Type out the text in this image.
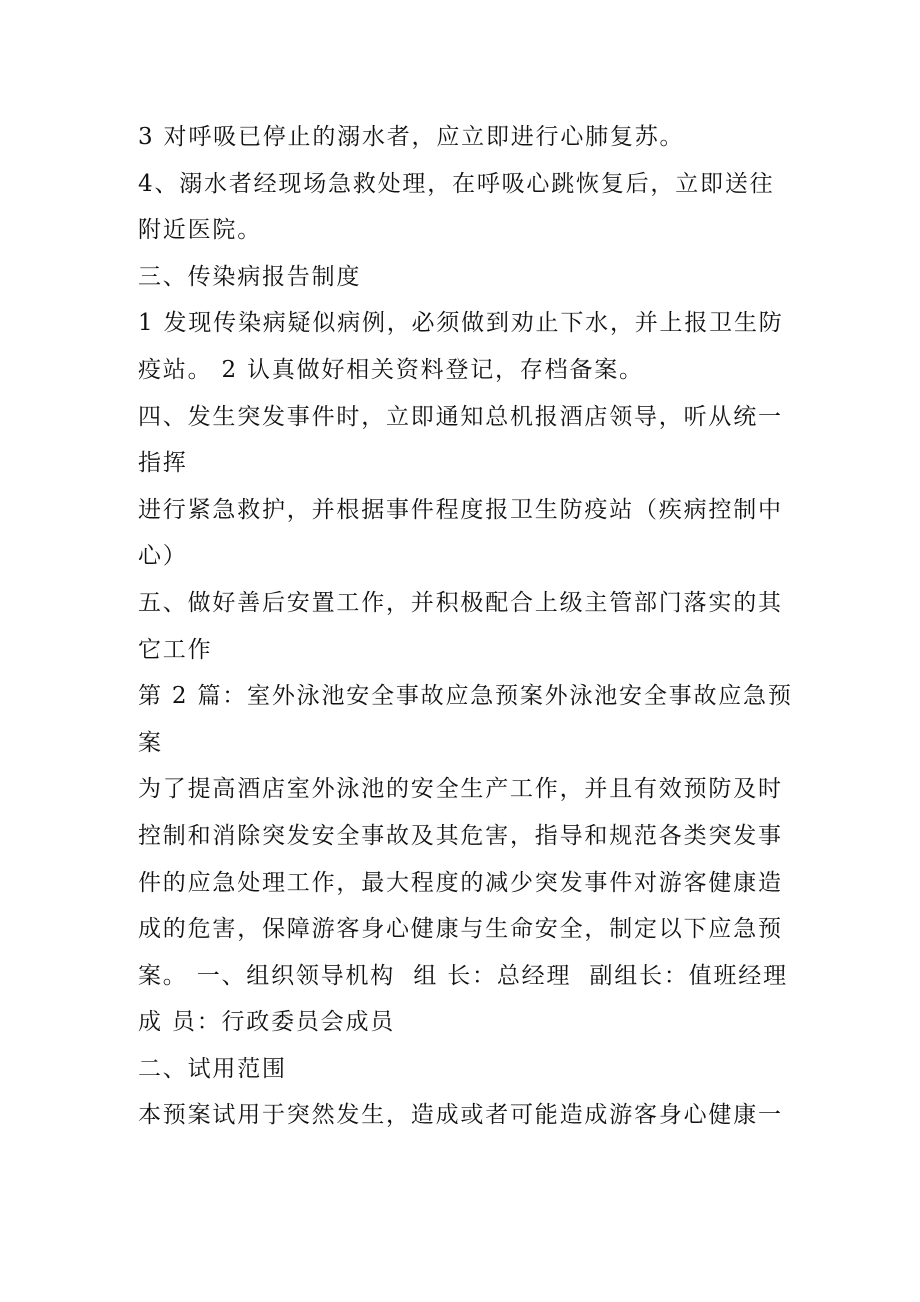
3 对呼吸已停止的溺水者，应立即进行心肺复苏。
4、溺水者经现场急救处理，在呼吸心跳恢复后，立即送往
附近医院。
三、传染病报告制度
1 发现传染病疑似病例，必须做到劝止下水，并上报卫生防
疫站。 2 认真做好相关资料登记，存档备案。
四、发生突发事件时，立即通知总机报酒店领导，听从统一
指挥
进行紧急救护，并根据事件程度报卫生防疫站（疾病控制中
心）
五、做好善后安置工作，并积极配合上级主管部门落实的其
它工作
第 2 篇：室外泳池安全事故应急预案外泳池安全事故应急预
案
为了提高酒店室外泳池的安全生产工作，并且有效预防及时
控制和消除突发安全事故及其危害，指导和规范各类突发事
件的应急处理工作，最大程度的减少突发事件对游客健康造
成的危害，保障游客身心健康与生命安全，制定以下应急预
案。 一、组织领导机构  组 长：总经理  副组长：值班经理
成 员：行政委员会成员
二、试用范围
本预案试用于突然发生，造成或者可能造成游客身心健康一
